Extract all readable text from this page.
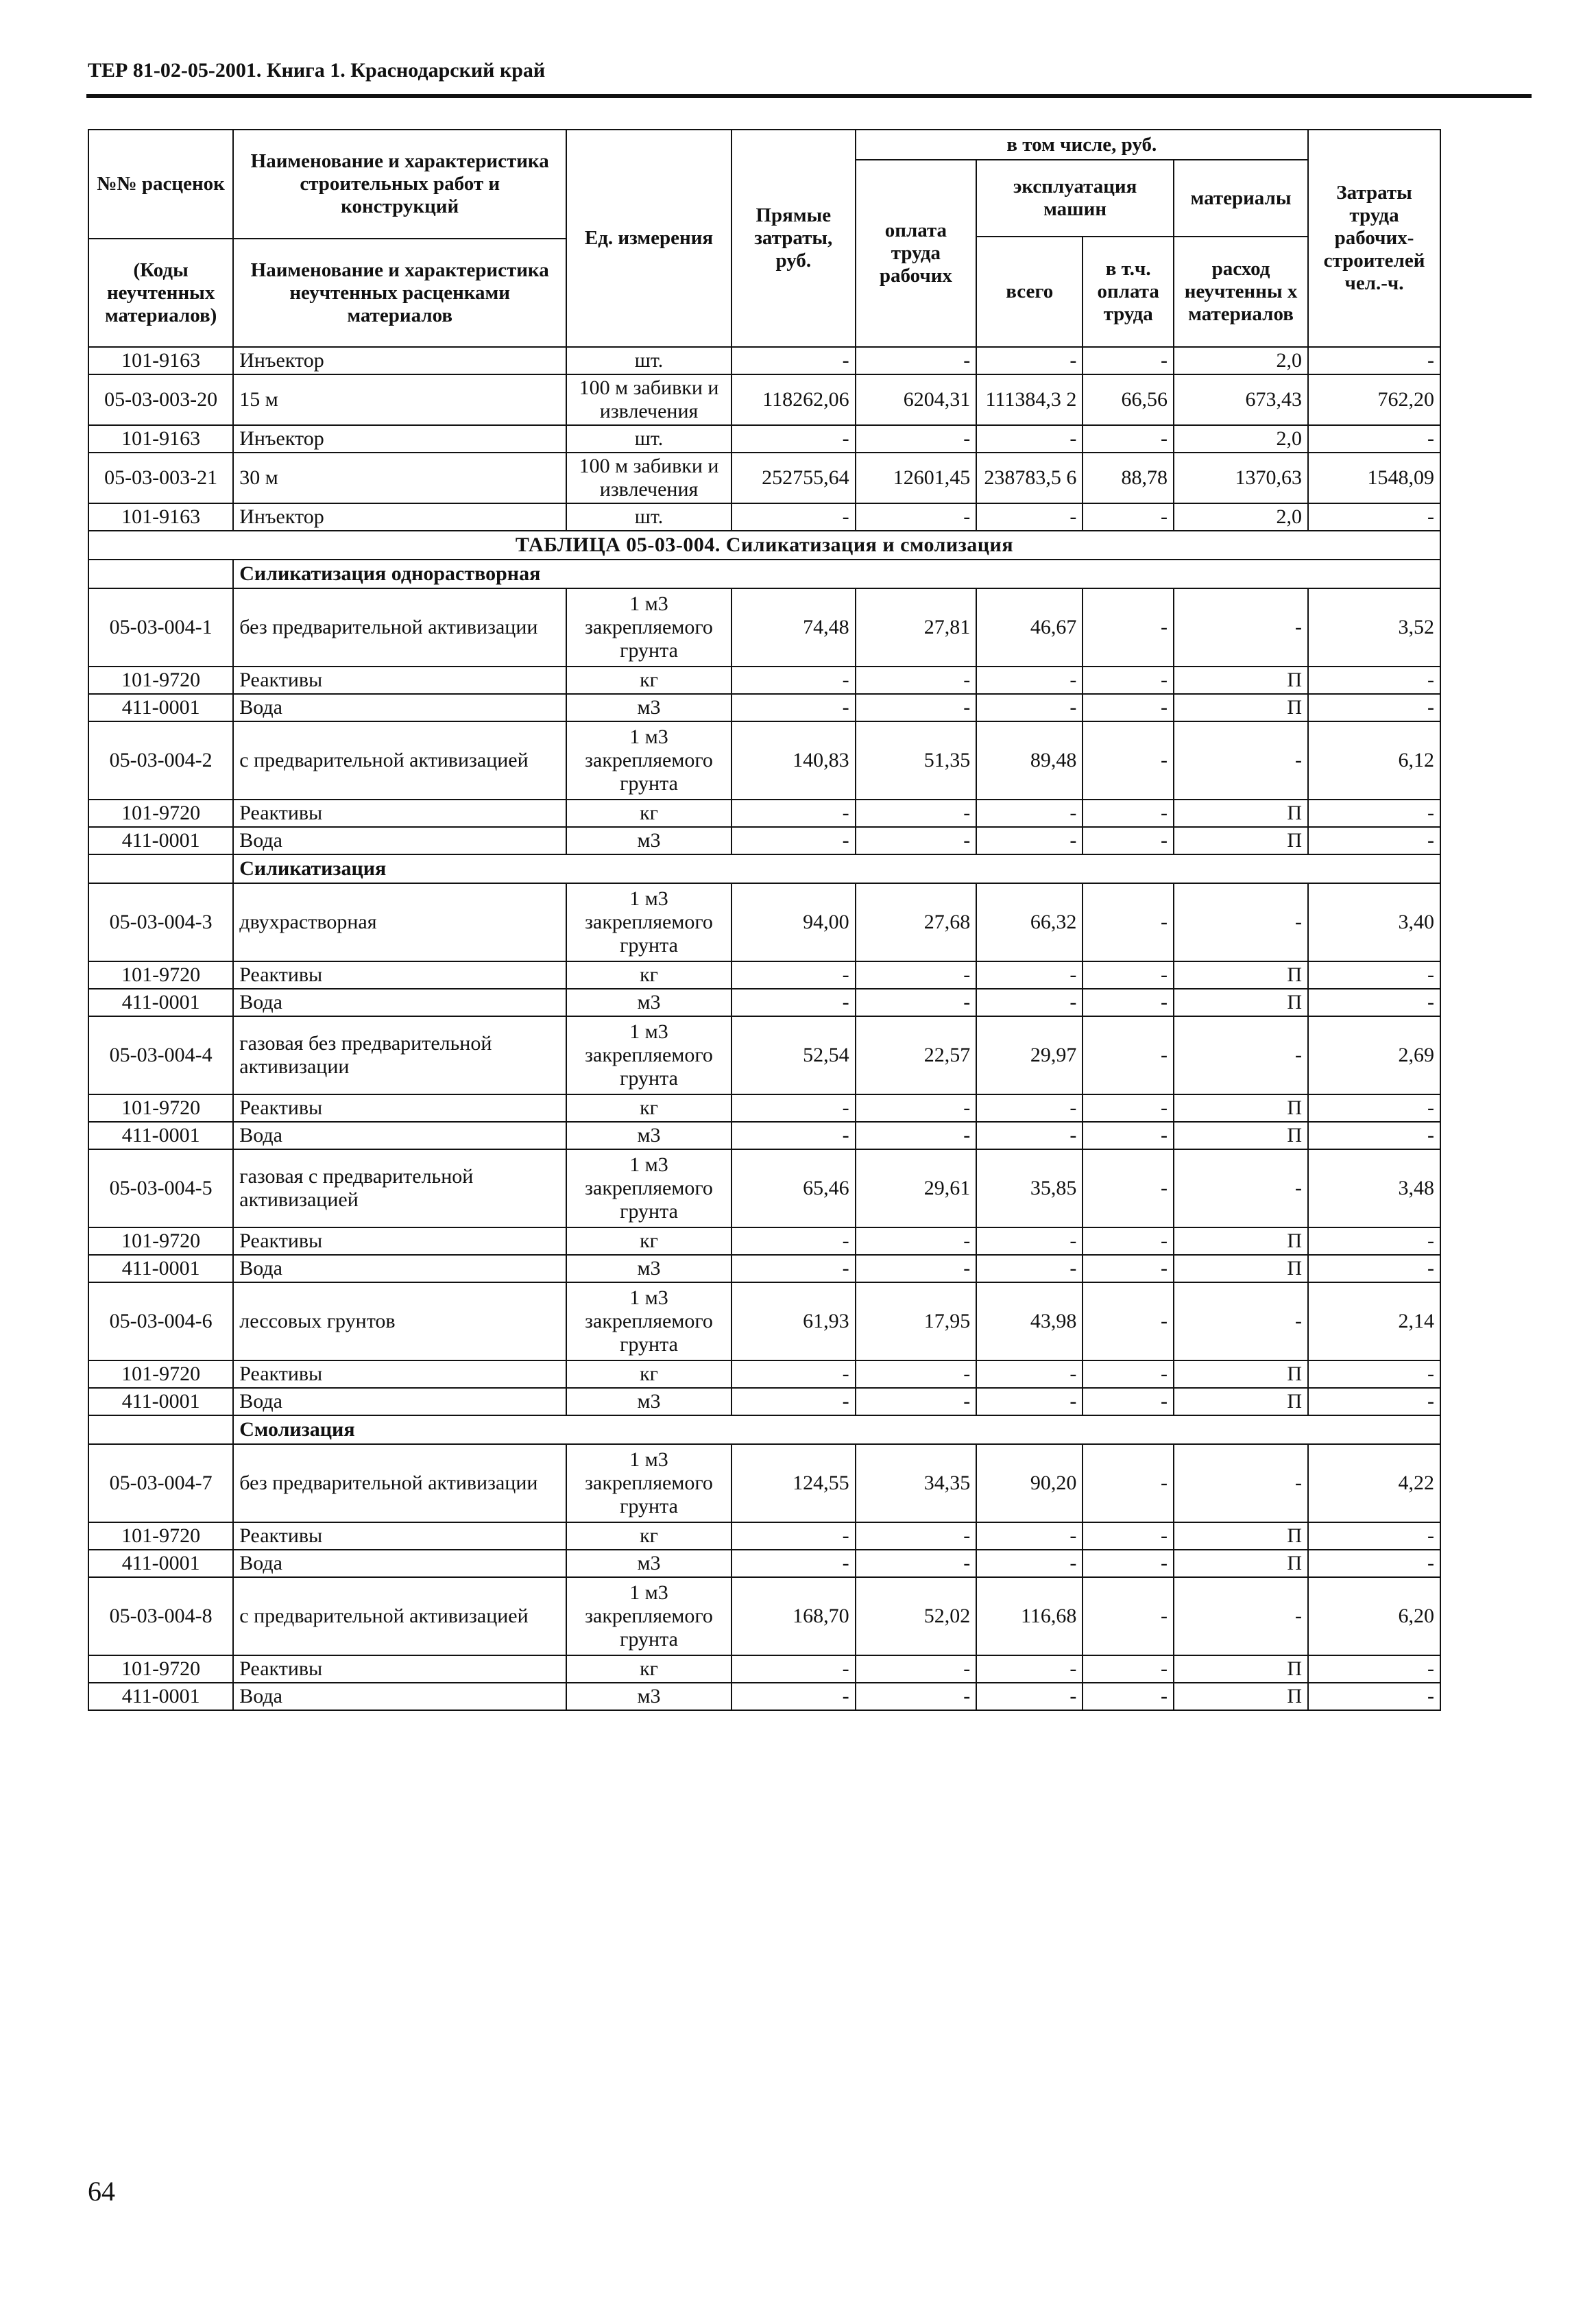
ТЕР 81-02-05-2001. Книга 1. Краснодарский край
№№ расценок	Наименование и характеристика строительных работ и конструкций	Ед. измерения	Прямые затраты, руб.	в том числе, руб.				Затраты труда рабочих-строителей чел.-ч.
				оплата труда рабочих	эксплуатация машин		материалы	
					всего	в т.ч. оплата труда	расход неучтенны х материалов	
(Коды неучтенных материалов)	Наименование и характеристика неучтенных расценками материалов							

101-9163	Инъектор	шт.	-	-	-	-	2,0	-
05-03-003-20	15 м	100 м забивки и извлечения	118262,06	6204,31	111384,3 2	66,56	673,43	762,20
101-9163	Инъектор	шт.	-	-	-	-	2,0	-
05-03-003-21	30 м	100 м забивки и извлечения	252755,64	12601,45	238783,5 6	88,78	1370,63	1548,09
101-9163	Инъектор	шт.	-	-	-	-	2,0	-
ТАБЛИЦА 05-03-004. Силикатизация и смолизация								
	Силикатизация однорастворная							
05-03-004-1	без предварительной активизации	1 м3 закрепляемого грунта	74,48	27,81	46,67	-	-	3,52
101-9720	Реактивы	кг	-	-	-	-	П	-
411-0001	Вода	м3	-	-	-	-	П	-
05-03-004-2	с предварительной активизацией	1 м3 закрепляемого грунта	140,83	51,35	89,48	-	-	6,12
101-9720	Реактивы	кг	-	-	-	-	П	-
411-0001	Вода	м3	-	-	-	-	П	-
	Силикатизация							
05-03-004-3	двухрастворная	1 м3 закрепляемого грунта	94,00	27,68	66,32	-	-	3,40
101-9720	Реактивы	кг	-	-	-	-	П	-
411-0001	Вода	м3	-	-	-	-	П	-
05-03-004-4	газовая без предварительной активизации	1 м3 закрепляемого грунта	52,54	22,57	29,97	-	-	2,69
101-9720	Реактивы	кг	-	-	-	-	П	-
411-0001	Вода	м3	-	-	-	-	П	-
05-03-004-5	газовая с предварительной активизацией	1 м3 закрепляемого грунта	65,46	29,61	35,85	-	-	3,48
101-9720	Реактивы	кг	-	-	-	-	П	-
411-0001	Вода	м3	-	-	-	-	П	-
05-03-004-6	лессовых грунтов	1 м3 закрепляемого грунта	61,93	17,95	43,98	-	-	2,14
101-9720	Реактивы	кг	-	-	-	-	П	-
411-0001	Вода	м3	-	-	-	-	П	-
	Смолизация							
05-03-004-7	без предварительной активизации	1 м3 закрепляемого грунта	124,55	34,35	90,20	-	-	4,22
101-9720	Реактивы	кг	-	-	-	-	П	-
411-0001	Вода	м3	-	-	-	-	П	-
05-03-004-8	с предварительной активизацией	1 м3 закрепляемого грунта	168,70	52,02	116,68	-	-	6,20
101-9720	Реактивы	кг	-	-	-	-	П	-
411-0001	Вода	м3	-	-	-	-	П	-
64
